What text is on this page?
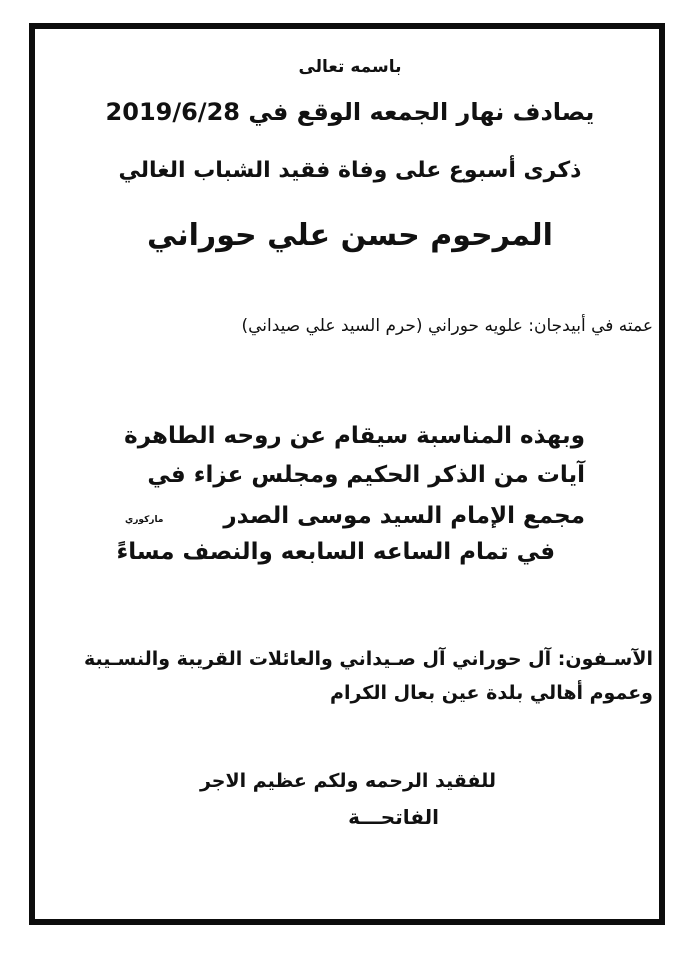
باسمه تعالى
يصادف نهار الجمعه الوقع في 2019/6/28
ذكرى أسبوع على وفاة فقيد الشباب الغالي
المرحوم حسن علي حوراني
عمته في أبيدجان: علويه حوراني (حرم السيد علي صيداني)
وبهذه المناسبة سيقام عن روحه الطاهرة
آيات من الذكر الحكيم ومجلس عزاء في
مجمع الإمام السيد موسى الصدر
ماركوري
في تمام الساعه السابعه والنصف مساءً
الآسـفون: آل حوراني آل صـيداني والعائلات القريبة والنسـيبة
وعموم أهالي بلدة عين بعال الكرام
للفقيد الرحمه ولكم عظيم الاجر
الفاتحـــة
